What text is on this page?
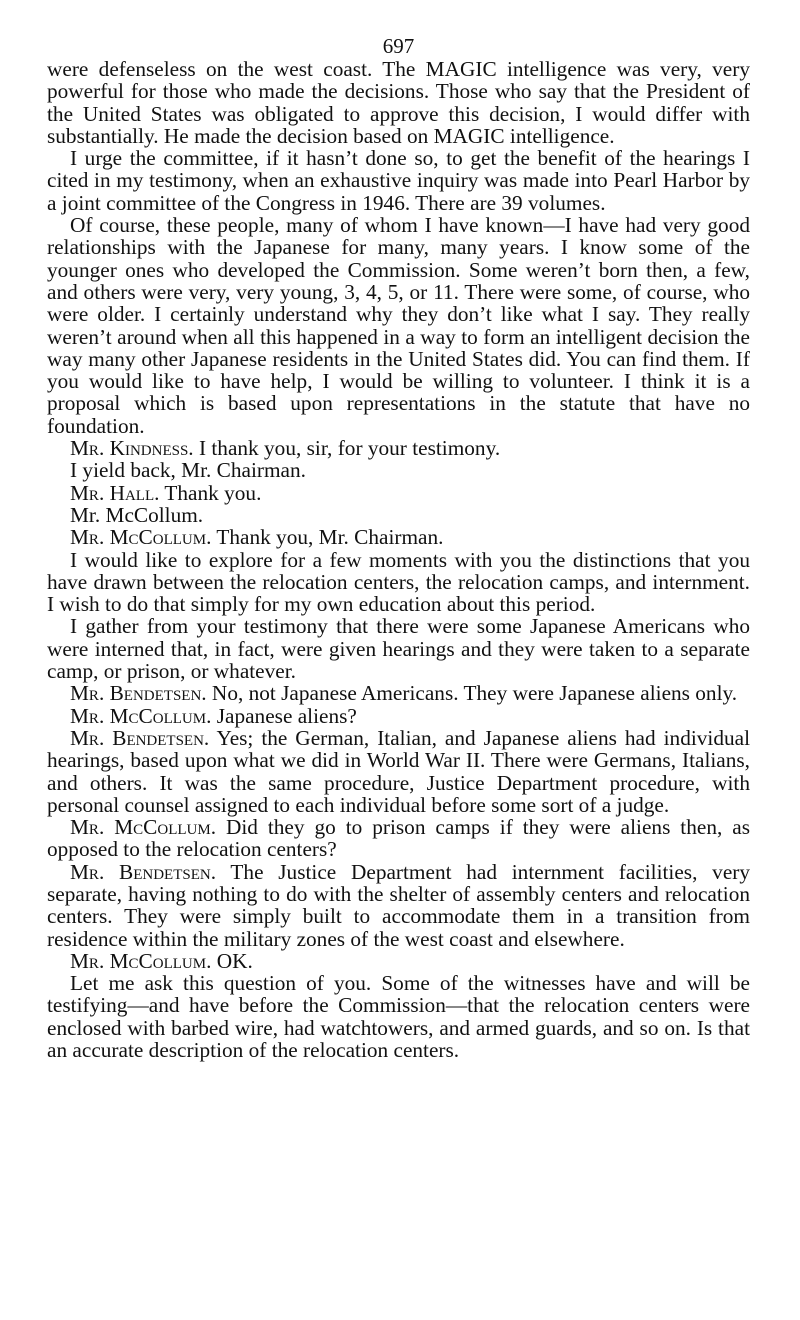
697

were defenseless on the west coast. The MAGIC intelligence was very, very powerful for those who made the decisions. Those who say that the President of the United States was obligated to approve this decision, I would differ with substantially. He made the decision based on MAGIC intelligence.

I urge the committee, if it hasn’t done so, to get the benefit of the hearings I cited in my testimony, when an exhaustive inquiry was made into Pearl Harbor by a joint committee of the Congress in 1946. There are 39 volumes.

Of course, these people, many of whom I have known—I have had very good relationships with the Japanese for many, many years. I know some of the younger ones who developed the Commission. Some weren’t born then, a few, and others were very, very young, 3, 4, 5, or 11. There were some, of course, who were older. I certainly understand why they don’t like what I say. They really weren’t around when all this happened in a way to form an intelligent decision the way many other Japanese residents in the United States did. You can find them. If you would like to have help, I would be willing to volunteer. I think it is a proposal which is based upon representations in the statute that have no foundation.

Mr. Kindness. I thank you, sir, for your testimony.

I yield back, Mr. Chairman.

Mr. Hall. Thank you.

Mr. McCollum.

Mr. McCollum. Thank you, Mr. Chairman.

I would like to explore for a few moments with you the distinctions that you have drawn between the relocation centers, the relocation camps, and internment. I wish to do that simply for my own education about this period.

I gather from your testimony that there were some Japanese Americans who were interned that, in fact, were given hearings and they were taken to a separate camp, or prison, or whatever.

Mr. Bendetsen. No, not Japanese Americans. They were Japanese aliens only.

Mr. McCollum. Japanese aliens?

Mr. Bendetsen. Yes; the German, Italian, and Japanese aliens had individual hearings, based upon what we did in World War II. There were Germans, Italians, and others. It was the same procedure, Justice Department procedure, with personal counsel assigned to each individual before some sort of a judge.

Mr. McCollum. Did they go to prison camps if they were aliens then, as opposed to the relocation centers?

Mr. Bendetsen. The Justice Department had internment facilities, very separate, having nothing to do with the shelter of assembly centers and relocation centers. They were simply built to accommodate them in a transition from residence within the military zones of the west coast and elsewhere.

Mr. McCollum. OK.

Let me ask this question of you. Some of the witnesses have and will be testifying—and have before the Commission—that the relocation centers were enclosed with barbed wire, had watchtowers, and armed guards, and so on. Is that an accurate description of the relocation centers.
